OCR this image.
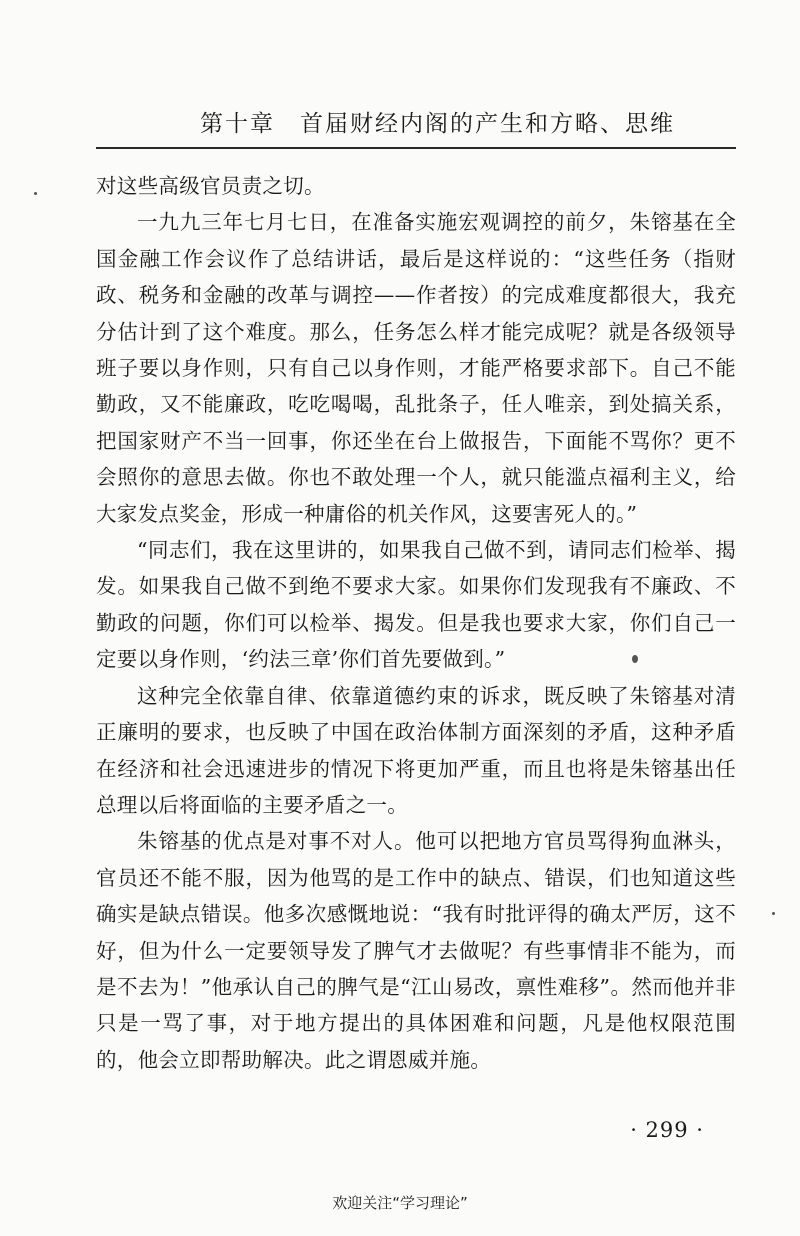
第十章　首届财经内阁的产生和方略、思维

对这些高级官员责之切。

一九九三年七月七日，在准备实施宏观调控的前夕，朱镕基在全国金融工作会议作了总结讲话，最后是这样说的：“这些任务（指财政、税务和金融的改革与调控——作者按）的完成难度都很大，我充分估计到了这个难度。那么，任务怎么样才能完成呢？就是各级领导班子要以身作则，只有自己以身作则，才能严格要求部下。自己不能勤政，又不能廉政，吃吃喝喝，乱批条子，任人唯亲，到处搞关系，把国家财产不当一回事，你还坐在台上做报告，下面能不骂你？更不会照你的意思去做。你也不敢处理一个人，就只能滥点福利主义，给大家发点奖金，形成一种庸俗的机关作风，这要害死人的。”

“同志们，我在这里讲的，如果我自己做不到，请同志们检举、揭发。如果我自己做不到绝不要求大家。如果你们发现我有不廉政、不勤政的问题，你们可以检举、揭发。但是我也要求大家，你们自己一定要以身作则，‘约法三章’你们首先要做到。”

这种完全依靠自律、依靠道德约束的诉求，既反映了朱镕基对清正廉明的要求，也反映了中国在政治体制方面深刻的矛盾，这种矛盾在经济和社会迅速进步的情况下将更加严重，而且也将是朱镕基出任总理以后将面临的主要矛盾之一。

朱镕基的优点是对事不对人。他可以把地方官员骂得狗血淋头，官员还不能不服，因为他骂的是工作中的缺点、错误，们也知道这些确实是缺点错误。他多次感慨地说：“我有时批评得的确太严厉，这不好，但为什么一定要领导发了脾气才去做呢？有些事情非不能为，而是不去为！”他承认自己的脾气是“江山易改，禀性难移”。然而他并非只是一骂了事，对于地方提出的具体困难和问题，凡是他权限范围的，他会立即帮助解决。此之谓恩威并施。

· 299 ·
欢迎关注“学习理论”
